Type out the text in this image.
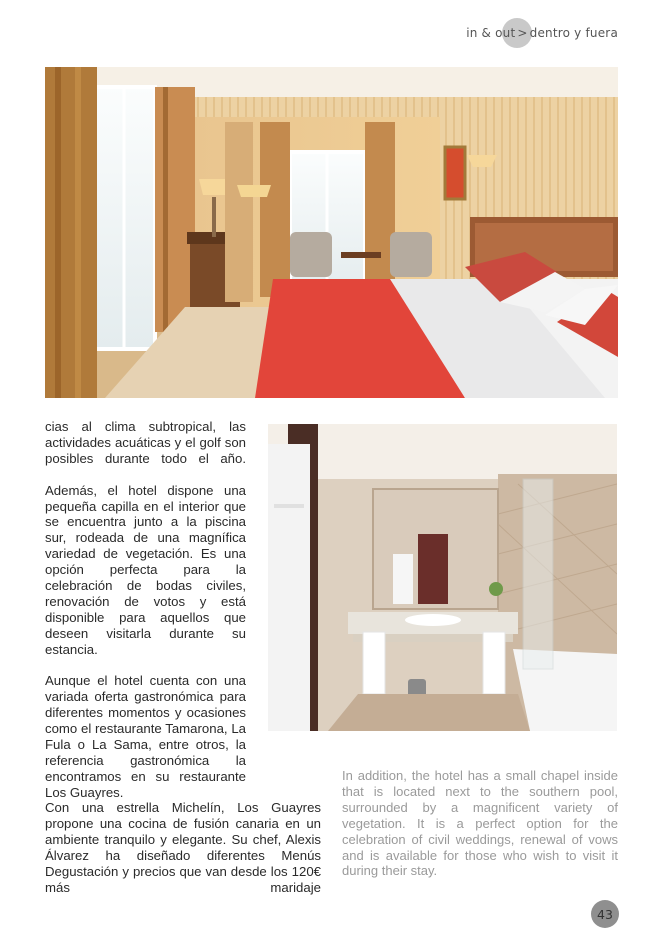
in & out > dentro y fuera

cias al clima subtropical, las actividades acuáticas y el golf son posibles durante todo el año.

Además, el hotel dispone una pequeña capilla en el interior que se encuentra junto a la piscina sur, rodeada de una magnífica variedad de vegetación. Es una opción perfecta para la celebración de bodas civiles, renovación de votos y está disponible para aquellos que deseen visitarla durante su estancia.

Aunque el hotel cuenta con una variada oferta gastronómica para diferentes momentos y ocasiones como el restaurante Tamarona, La Fula o La Sama, entre otros, la referencia gastronómica la encontramos en su restaurante Los Guayres.

Con una estrella Michelín, Los Guayres propone una cocina de fusión canaria en un ambiente tranquilo y elegante. Su chef, Alexis Álvarez ha diseñado diferentes Menús Degustación y precios que van desde los 120€ más maridaje

In addition, the hotel has a small chapel inside that is located next to the southern pool, surrounded by a magnificent variety of vegetation. It is a perfect option for the celebration of civil weddings, renewal of vows and is available for those who wish to visit it during their stay.

43
